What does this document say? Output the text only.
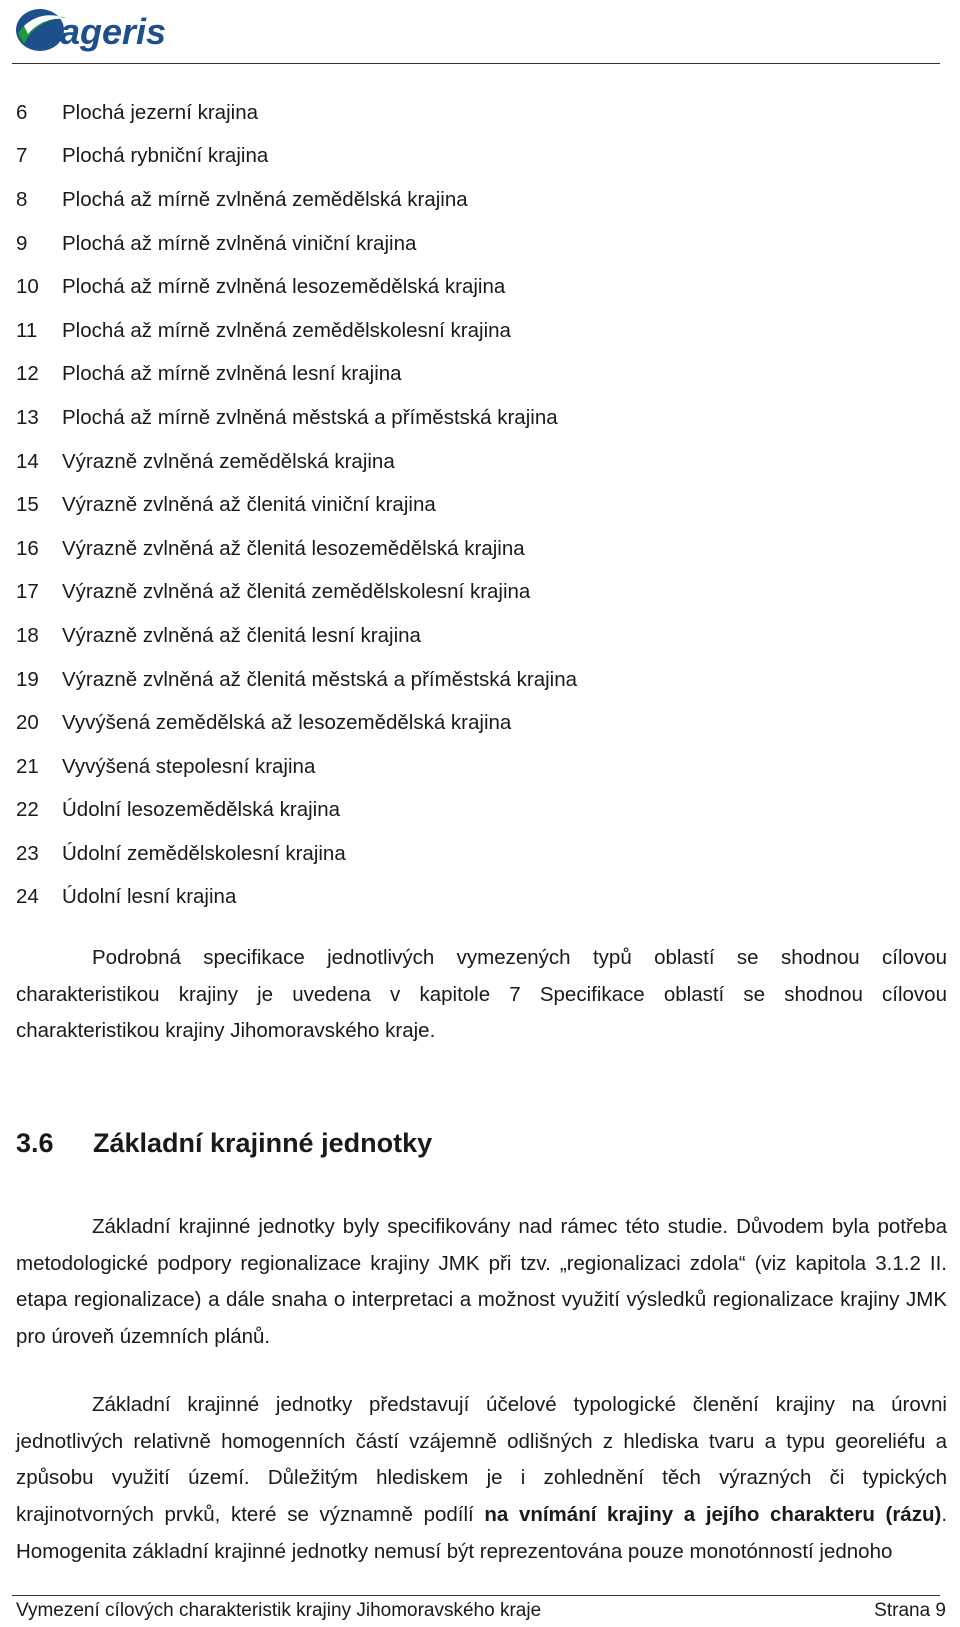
ageris
6	Plochá jezerní krajina
7	Plochá rybniční krajina
8	Plochá až mírně zvlněná zemědělská krajina
9	Plochá až mírně zvlněná viniční krajina
10	Plochá až mírně zvlněná lesozemědělská krajina
11	Plochá až mírně zvlněná zemědělskolesní krajina
12	Plochá až mírně zvlněná lesní krajina
13	Plochá až mírně zvlněná městská a příměstská krajina
14	Výrazně zvlněná zemědělská krajina
15	Výrazně zvlněná až členitá viniční krajina
16	Výrazně zvlněná až členitá lesozemědělská krajina
17	Výrazně zvlněná až členitá zemědělskolesní krajina
18	Výrazně zvlněná až členitá lesní krajina
19	Výrazně zvlněná až členitá městská a příměstská krajina
20	Vyvýšená zemědělská až lesozemědělská krajina
21	Vyvýšená stepolesní krajina
22	Údolní lesozemědělská krajina
23	Údolní zemědělskolesní krajina
24	Údolní lesní krajina

Podrobná specifikace jednotlivých vymezených typů oblastí se shodnou cílovou charakteristikou krajiny je uvedena v kapitole 7 Specifikace oblastí se shodnou cílovou charakteristikou krajiny Jihomoravského kraje.

3.6	Základní krajinné jednotky

Základní krajinné jednotky byly specifikovány nad rámec této studie. Důvodem byla potřeba metodologické podpory regionalizace krajiny JMK při tzv. „regionalizaci zdola“ (viz kapitola 3.1.2 II. etapa regionalizace) a dále snaha o interpretaci a možnost využití výsledků regionalizace krajiny JMK pro úroveň územních plánů.

Základní krajinné jednotky představují účelové typologické členění krajiny na úrovni jednotlivých relativně homogenních částí vzájemně odlišných z hlediska tvaru a typu georeliéfu a způsobu využití území. Důležitým hlediskem je i zohlednění těch výrazných či typických krajinotvorných prvků, které se významně podílí na vnímání krajiny a jejího charakteru (rázu). Homogenita základní krajinné jednotky nemusí být reprezentována pouze monotónností jednoho

Vymezení cílových charakteristik krajiny Jihomoravského kraje	Strana 9
